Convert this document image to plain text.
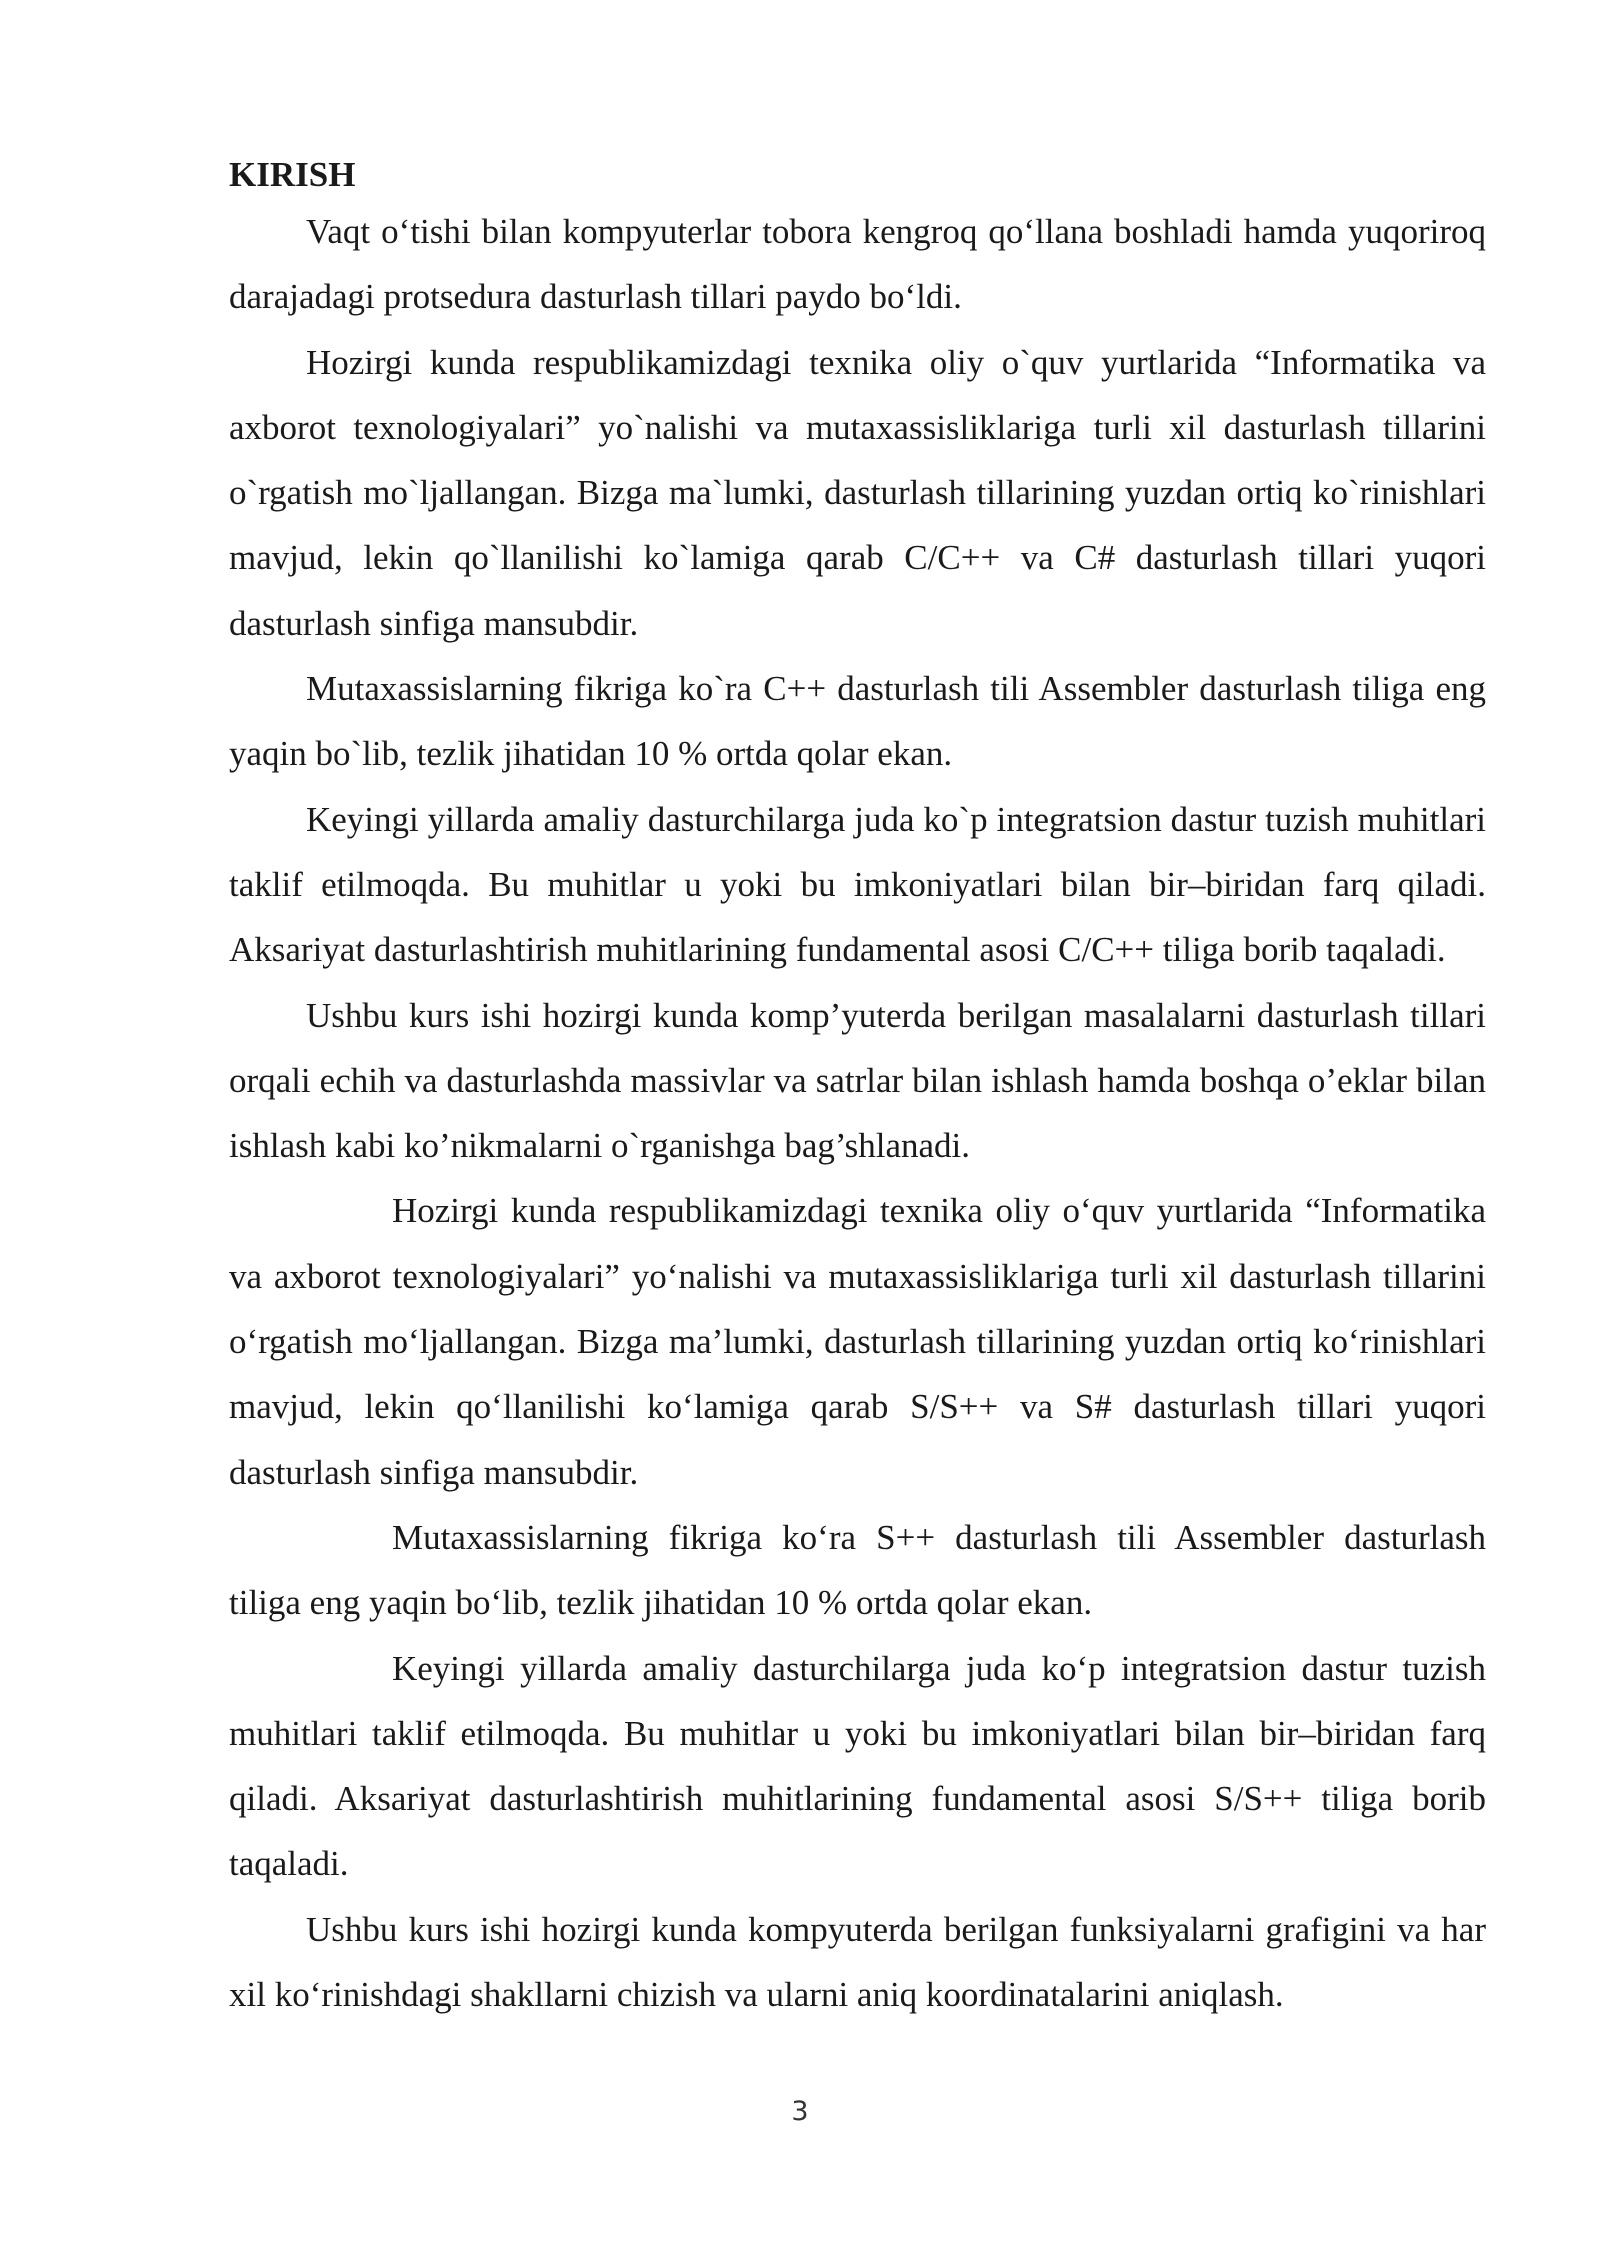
KIRISH

Vaqt o‘tishi bilan kompyuterlar tobora kengroq qo‘llana boshladi hamda yuqoriroq darajadagi protsedura dasturlash tillari paydo bo‘ldi.

Hozirgi kunda respublikamizdagi texnika oliy o`quv yurtlarida “Informatika va axborot texnologiyalari” yo`nalishi va mutaxassisliklariga turli xil dasturlash tillarini o`rgatish mo`ljallangan. Bizga ma`lumki, dasturlash tillarining yuzdan ortiq ko`rinishlari mavjud, lekin qo`llanilishi ko`lamiga qarab C/C++ va C# dasturlash tillari yuqori dasturlash sinfiga mansubdir.

Mutaxassislarning fikriga ko`ra C++ dasturlash tili Assembler dasturlash tiliga eng yaqin bo`lib, tezlik jihatidan 10 % ortda qolar ekan.

Keyingi yillarda amaliy dasturchilarga juda ko`p integratsion dastur tuzish muhitlari taklif etilmoqda. Bu muhitlar u yoki bu imkoniyatlari bilan bir–biridan farq qiladi. Aksariyat dasturlashtirish muhitlarining fundamental asosi C/C++ tiliga borib taqaladi.

Ushbu kurs ishi hozirgi kunda komp’yuterda berilgan masalalarni dasturlash tillari orqali echih va dasturlashda massivlar va satrlar bilan ishlash hamda boshqa o’eklar bilan ishlash kabi ko’nikmalarni o`rganishga bag’shlanadi.

Hozirgi kunda respublikamizdagi texnika oliy o‘quv yurtlarida “Informatika va axborot texnologiyalari” yo‘nalishi va mutaxassisliklariga turli xil dasturlash tillarini o‘rgatish mo‘ljallangan. Bizga ma’lumki, dasturlash tillarining yuzdan ortiq ko‘rinishlari mavjud, lekin qo‘llanilishi ko‘lamiga qarab S/S++ va S# dasturlash tillari yuqori dasturlash sinfiga mansubdir.

Mutaxassislarning fikriga ko‘ra S++ dasturlash tili Assembler dasturlash tiliga eng yaqin bo‘lib, tezlik jihatidan 10 % ortda qolar ekan.

Keyingi yillarda amaliy dasturchilarga juda ko‘p integratsion dastur tuzish muhitlari taklif etilmoqda. Bu muhitlar u yoki bu imkoniyatlari bilan bir–biridan farq qiladi. Aksariyat dasturlashtirish muhitlarining fundamental asosi S/S++ tiliga borib taqaladi.

Ushbu kurs ishi hozirgi kunda kompyuterda berilgan funksiyalarni grafigini va har xil ko‘rinishdagi shakllarni chizish va ularni aniq koordinatalarini aniqlash.

3
